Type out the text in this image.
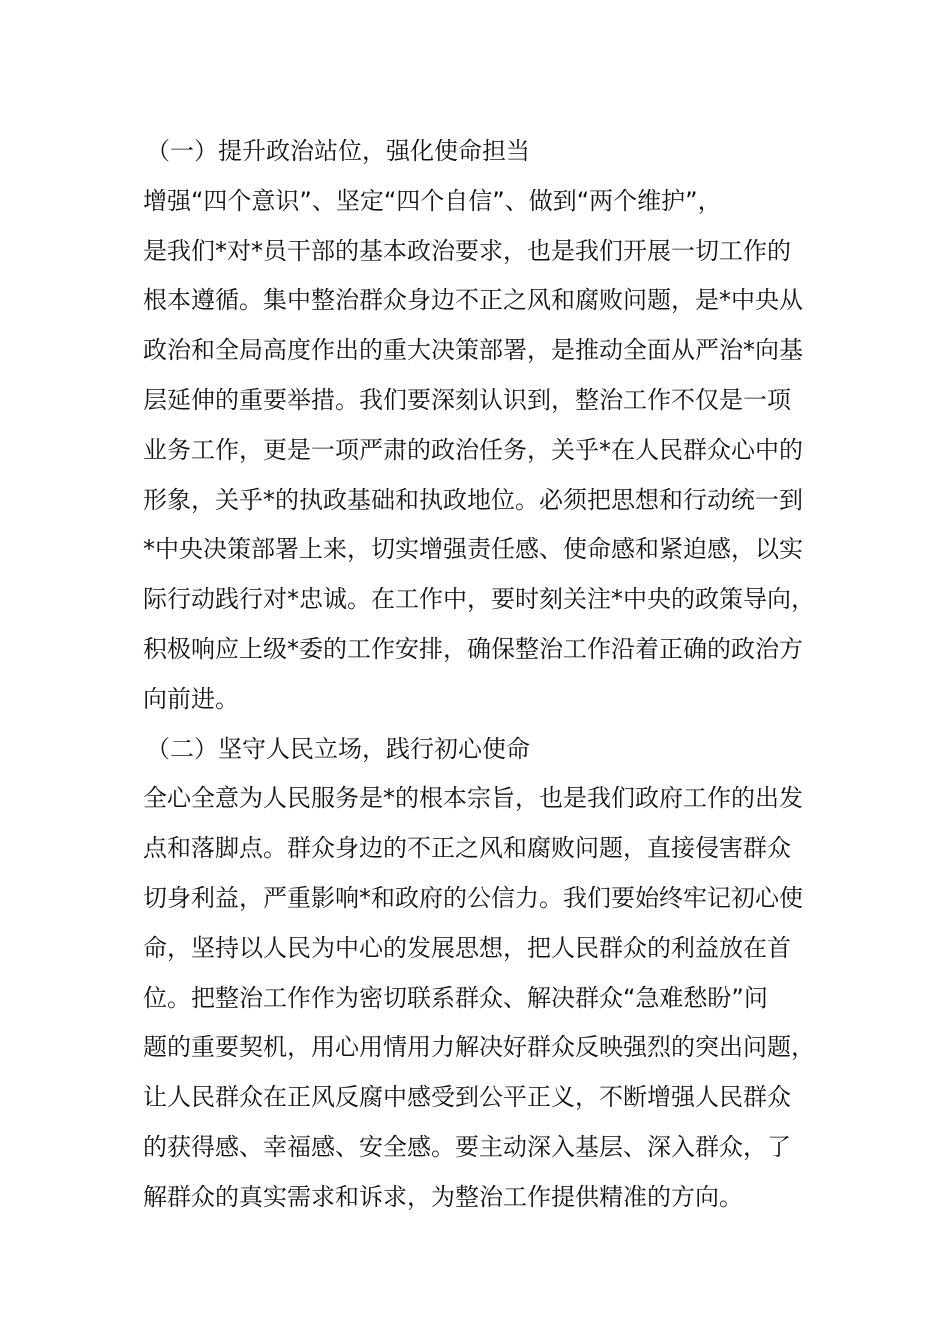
（一）提升政治站位，强化使命担当
增强“四个意识”、坚定“四个自信”、做到“两个维护”，
是我们*对*员干部的基本政治要求，也是我们开展一切工作的
根本遵循。集中整治群众身边不正之风和腐败问题，是*中央从
政治和全局高度作出的重大决策部署，是推动全面从严治*向基
层延伸的重要举措。我们要深刻认识到，整治工作不仅是一项
业务工作，更是一项严肃的政治任务，关乎*在人民群众心中的
形象，关乎*的执政基础和执政地位。必须把思想和行动统一到
*中央决策部署上来，切实增强责任感、使命感和紧迫感，以实
际行动践行对*忠诚。在工作中，要时刻关注*中央的政策导向，
积极响应上级*委的工作安排，确保整治工作沿着正确的政治方
向前进。
（二）坚守人民立场，践行初心使命
全心全意为人民服务是*的根本宗旨，也是我们政府工作的出发
点和落脚点。群众身边的不正之风和腐败问题，直接侵害群众
切身利益，严重影响*和政府的公信力。我们要始终牢记初心使
命，坚持以人民为中心的发展思想，把人民群众的利益放在首
位。把整治工作作为密切联系群众、解决群众“急难愁盼”问
题的重要契机，用心用情用力解决好群众反映强烈的突出问题，
让人民群众在正风反腐中感受到公平正义，不断增强人民群众
的获得感、幸福感、安全感。要主动深入基层、深入群众，了
解群众的真实需求和诉求，为整治工作提供精准的方向。
